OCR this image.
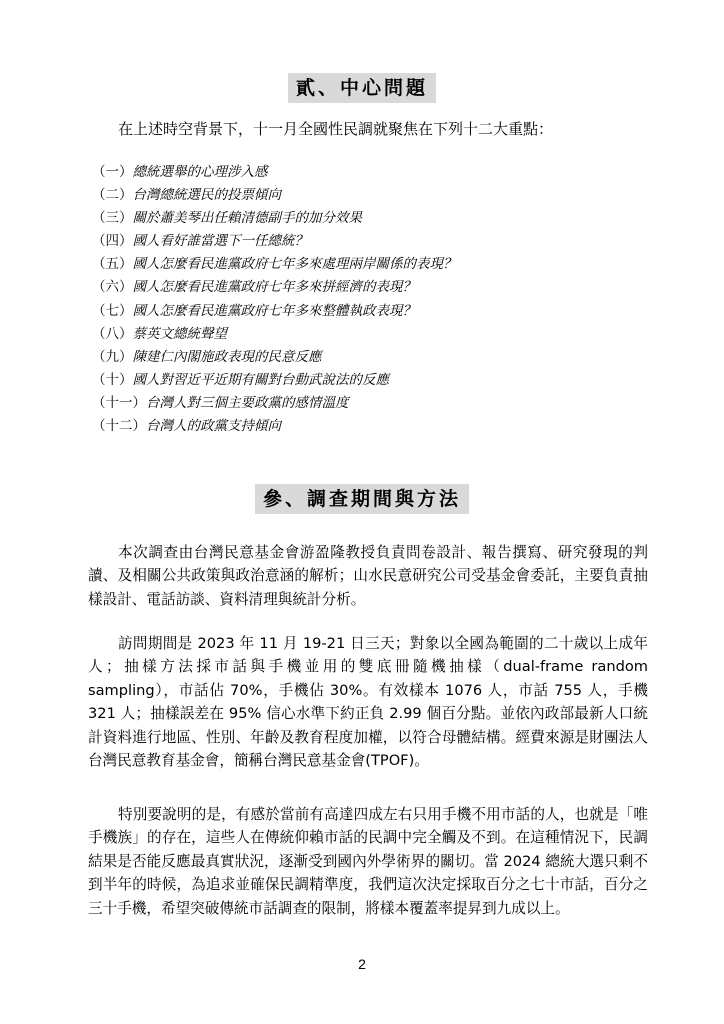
貳、中心問題
在上述時空背景下，十一月全國性民調就聚焦在下列十二大重點：
（一）總統選舉的心理涉入感
（二）台灣總統選民的投票傾向
（三）關於蕭美琴出任賴清德副手的加分效果
（四）國人看好誰當選下一任總統？
（五）國人怎麼看民進黨政府七年多來處理兩岸關係的表現？
（六）國人怎麼看民進黨政府七年多來拼經濟的表現？
（七）國人怎麼看民進黨政府七年多來整體執政表現？
（八）蔡英文總統聲望
（九）陳建仁內閣施政表現的民意反應
（十）國人對習近平近期有關對台動武說法的反應
（十一）台灣人對三個主要政黨的感情溫度
（十二）台灣人的政黨支持傾向
參、調查期間與方法

本次調查由台灣民意基金會游盈隆教授負責問卷設計、報告撰寫、研究發現的判讀、及相關公共政策與政治意涵的解析；山水民意研究公司受基金會委託，主要負責抽樣設計、電話訪談、資料清理與統計分析。

訪問期間是 2023 年 11 月 19-21 日三天；對象以全國為範圍的二十歲以上成年人；抽樣方法採市話與手機並用的雙底冊隨機抽樣（dual-frame random sampling），市話佔 70%，手機佔 30%。有效樣本 1076 人，市話 755 人，手機 321 人；抽樣誤差在 95% 信心水準下約正負 2.99 個百分點。並依內政部最新人口統計資料進行地區、性別、年齡及教育程度加權，以符合母體結構。經費來源是財團法人台灣民意教育基金會，簡稱台灣民意基金會(TPOF)。

特別要說明的是，有感於當前有高達四成左右只用手機不用市話的人，也就是「唯手機族」的存在，這些人在傳統仰賴市話的民調中完全觸及不到。在這種情況下，民調結果是否能反應最真實狀況，逐漸受到國內外學術界的關切。當 2024 總統大選只剩不到半年的時候，為追求並確保民調精準度，我們這次決定採取百分之七十市話，百分之三十手機，希望突破傳統市話調查的限制，將樣本覆蓋率提昇到九成以上。

2
